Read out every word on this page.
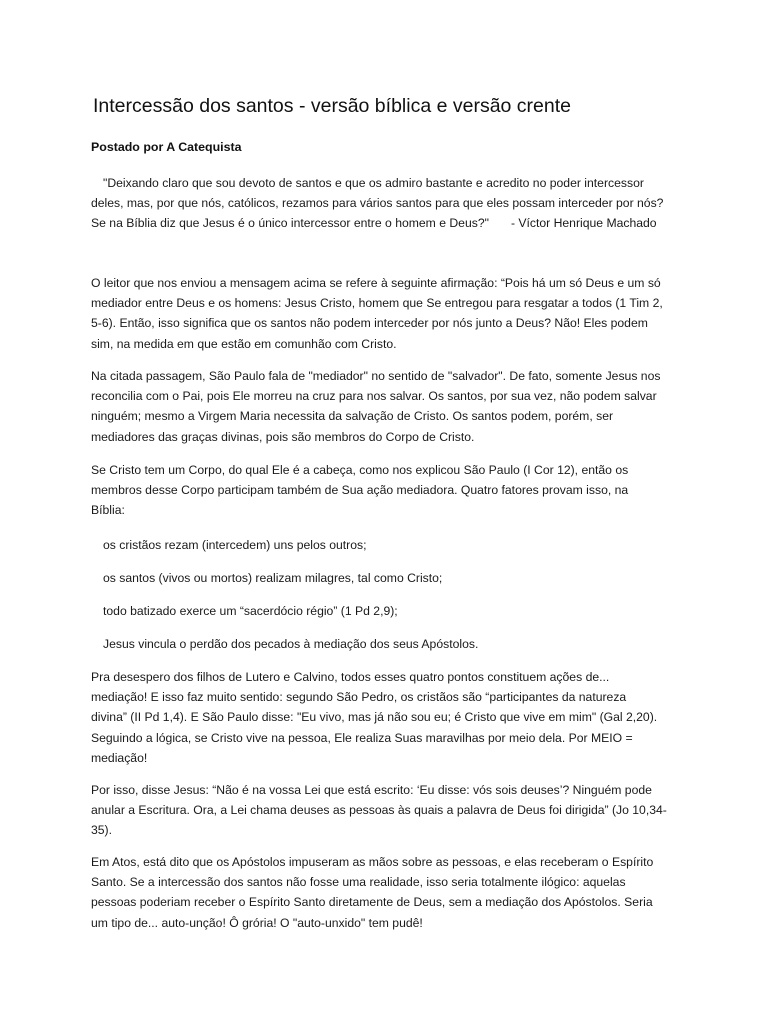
Intercessão dos santos - versão bíblica e versão crente

Postado por A Catequista

"Deixando claro que sou devoto de santos e que os admiro bastante e acredito no poder intercessor
deles, mas, por que nós, católicos, rezamos para vários santos para que eles possam interceder por nós?
Se na Bíblia diz que Jesus é o único intercessor entre o homem e Deus?" - Víctor Henrique Machado
O leitor que nos enviou a mensagem acima se refere à seguinte afirmação: “Pois há um só Deus e um só
mediador entre Deus e os homens: Jesus Cristo, homem que Se entregou para resgatar a todos (1 Tim 2,
5-6). Então, isso significa que os santos não podem interceder por nós junto a Deus? Não! Eles podem
sim, na medida em que estão em comunhão com Cristo.
Na citada passagem, São Paulo fala de "mediador" no sentido de "salvador". De fato, somente Jesus nos
reconcilia com o Pai, pois Ele morreu na cruz para nos salvar. Os santos, por sua vez, não podem salvar
ninguém; mesmo a Virgem Maria necessita da salvação de Cristo. Os santos podem, porém, ser
mediadores das graças divinas, pois são membros do Corpo de Cristo.
Se Cristo tem um Corpo, do qual Ele é a cabeça, como nos explicou São Paulo (I Cor 12), então os
membros desse Corpo participam também de Sua ação mediadora. Quatro fatores provam isso, na
Bíblia:

os cristãos rezam (intercedem) uns pelos outros;

os santos (vivos ou mortos) realizam milagres, tal como Cristo;

todo batizado exerce um “sacerdócio régio” (1 Pd 2,9);

Jesus vincula o perdão dos pecados à mediação dos seus Apóstolos.

Pra desespero dos filhos de Lutero e Calvino, todos esses quatro pontos constituem ações de...
mediação! E isso faz muito sentido: segundo São Pedro, os cristãos são “participantes da natureza
divina” (II Pd 1,4). E São Paulo disse: "Eu vivo, mas já não sou eu; é Cristo que vive em mim" (Gal 2,20).
Seguindo a lógica, se Cristo vive na pessoa, Ele realiza Suas maravilhas por meio dela. Por MEIO =
mediação!
Por isso, disse Jesus: “Não é na vossa Lei que está escrito: ‘Eu disse: vós sois deuses’? Ninguém pode
anular a Escritura. Ora, a Lei chama deuses as pessoas às quais a palavra de Deus foi dirigida” (Jo 10,34-
35).
Em Atos, está dito que os Apóstolos impuseram as mãos sobre as pessoas, e elas receberam o Espírito
Santo. Se a intercessão dos santos não fosse uma realidade, isso seria totalmente ilógico: aquelas
pessoas poderiam receber o Espírito Santo diretamente de Deus, sem a mediação dos Apóstolos. Seria
um tipo de... auto-unção! Ô grória! O "auto-unxido" tem pudê!
